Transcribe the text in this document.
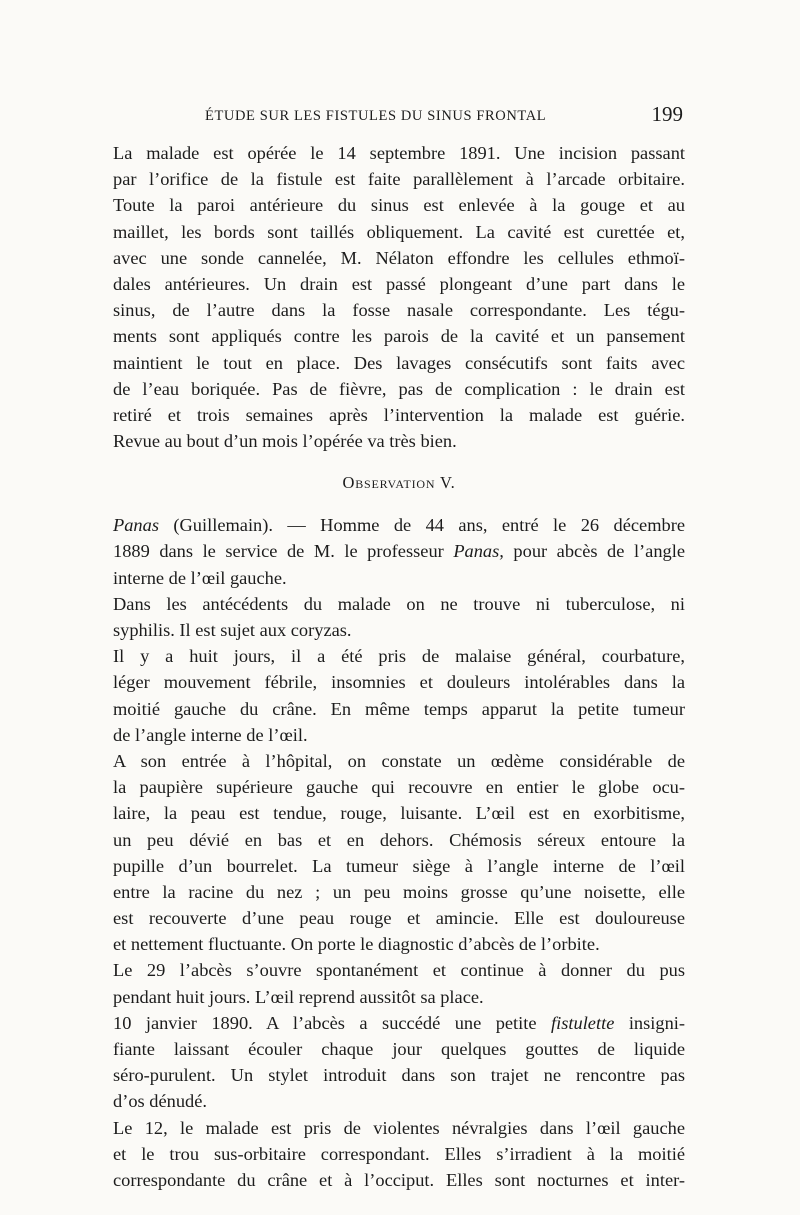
ÉTUDE SUR LES FISTULES DU SINUS FRONTAL	199
La malade est opérée le 14 septembre 1891. Une incision passant
par l’orifice de la fistule est faite parallèlement à l’arcade orbitaire.
Toute la paroi antérieure du sinus est enlevée à la gouge et au
maillet, les bords sont taillés obliquement. La cavité est curettée et,
avec une sonde cannelée, M. Nélaton effondre les cellules ethmoï-
dales antérieures. Un drain est passé plongeant d’une part dans le
sinus, de l’autre dans la fosse nasale correspondante. Les tégu-
ments sont appliqués contre les parois de la cavité et un pansement
maintient le tout en place. Des lavages consécutifs sont faits avec
de l’eau boriquée. Pas de fièvre, pas de complication : le drain est
retiré et trois semaines après l’intervention la malade est guérie.
Revue au bout d’un mois l’opérée va très bien.
Observation V.
Panas (Guillemain). — Homme de 44 ans, entré le 26 décembre
1889 dans le service de M. le professeur Panas, pour abcès de l’angle
interne de l’œil gauche.
Dans les antécédents du malade on ne trouve ni tuberculose, ni
syphilis. Il est sujet aux coryzas.
Il y a huit jours, il a été pris de malaise général, courbature,
léger mouvement fébrile, insomnies et douleurs intolérables dans la
moitié gauche du crâne. En même temps apparut la petite tumeur
de l’angle interne de l’œil.
A son entrée à l’hôpital, on constate un œdème considérable de
la paupière supérieure gauche qui recouvre en entier le globe ocu-
laire, la peau est tendue, rouge, luisante. L’œil est en exorbitisme,
un peu dévié en bas et en dehors. Chémosis séreux entoure la
pupille d’un bourrelet. La tumeur siège à l’angle interne de l’œil
entre la racine du nez ; un peu moins grosse qu’une noisette, elle
est recouverte d’une peau rouge et amincie. Elle est douloureuse
et nettement fluctuante. On porte le diagnostic d’abcès de l’orbite.
Le 29 l’abcès s’ouvre spontanément et continue à donner du pus
pendant huit jours. L’œil reprend aussitôt sa place.
10 janvier 1890. A l’abcès a succédé une petite fistulette insigni-
fiante laissant écouler chaque jour quelques gouttes de liquide
séro-purulent. Un stylet introduit dans son trajet ne rencontre pas
d’os dénudé.
Le 12, le malade est pris de violentes névralgies dans l’œil gauche
et le trou sus-orbitaire correspondant. Elles s’irradient à la moitié
correspondante du crâne et à l’occiput. Elles sont nocturnes et inter-
